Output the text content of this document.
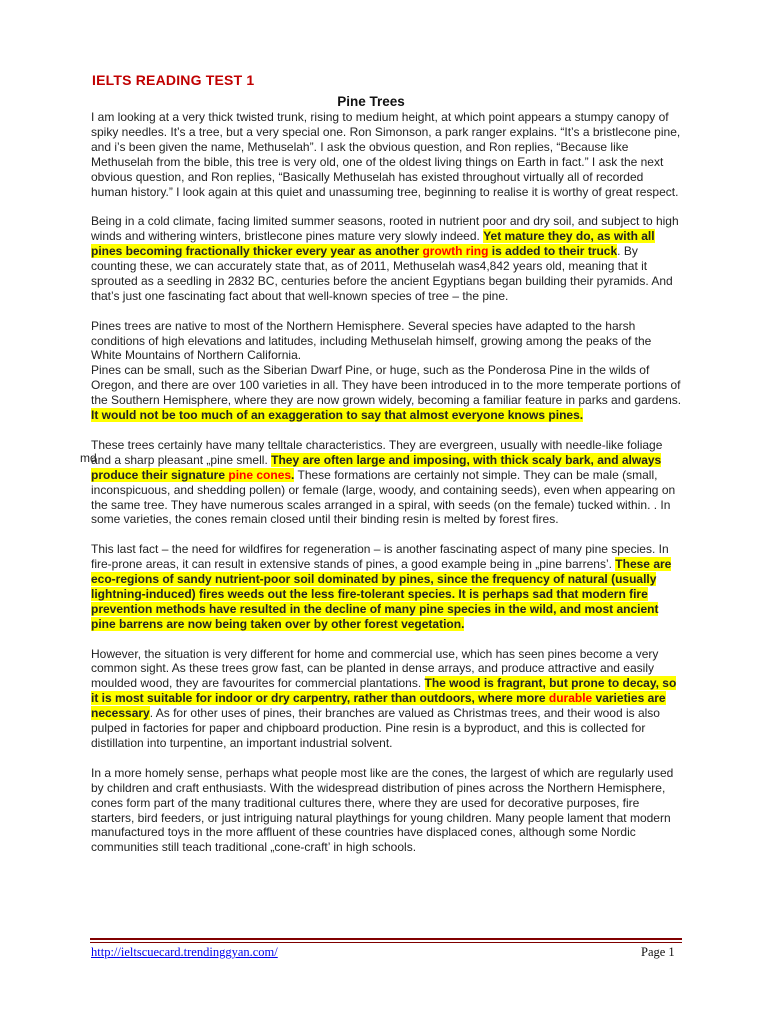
IELTS READING TEST 1
Pine Trees

I am looking at a very thick twisted trunk, rising to medium height, at which point appears a stumpy canopy of spiky needles. It’s a tree, but a very special one. Ron Simonson, a park ranger explains. “It’s a bristlecone pine, and i’s been given the name, Methuselah”. I ask the obvious question, and Ron replies, “Because like Methuselah from the bible, this tree is very old, one of the oldest living things on Earth in fact.” I ask the next obvious question, and Ron replies, “Basically Methuselah has existed throughout virtually all of recorded human history.” I look again at this quiet and unassuming tree, beginning to realise it is worthy of great respect.

Being in a cold climate, facing limited summer seasons, rooted in nutrient poor and dry soil, and subject to high winds and withering winters, bristlecone pines mature very slowly indeed. Yet mature they do, as with all pines becoming fractionally thicker every year as another growth ring is added to their truck. By counting these, we can accurately state that, as of 2011, Methuselah was4,842 years old, meaning that it sprouted as a seedling in 2832 BC, centuries before the ancient Egyptians began building their pyramids. And that’s just one fascinating fact about that well-known species of tree – the pine.

Pines trees are native to most of the Northern Hemisphere. Several species have adapted to the harsh conditions of high elevations and latitudes, including Methuselah himself, growing among the peaks of the White Mountains of Northern California.

Pines can be small, such as the Siberian Dwarf Pine, or huge, such as the Ponderosa Pine in the wilds of Oregon, and there are over 100 varieties in all. They have been introduced in to the more temperate portions of the Southern Hemisphere, where they are now grown widely, becoming a familiar feature in parks and gardens. It would not be too much of an exaggeration to say that almost everyone knows pines.

These trees certainly have many telltale characteristics. They are evergreen, usually with needle-like foliage and a sharp pleasant „pine smell. They are often large and imposing, with thick scaly bark, and always produce their signature pine cones. These formations are certainly not simple. They can be male (small, inconspicuous, and shedding pollen) or female (large, woody, and containing seeds), even when appearing on the same tree. They have numerous scales arranged in a spiral, with seeds (on the female) tucked within. . In some varieties, the cones remain closed until their binding resin is melted by forest fires.

This last fact – the need for wildfires for regeneration – is another fascinating aspect of many pine species. In fire-prone areas, it can result in extensive stands of pines, a good example being in „pine barrens’. These are eco-regions of sandy nutrient-poor soil dominated by pines, since the frequency of natural (usually lightning-induced) fires weeds out the less fire-tolerant species. It is perhaps sad that modern fire prevention methods have resulted in the decline of many pine species in the wild, and most ancient pine barrens are now being taken over by other forest vegetation.

However, the situation is very different for home and commercial use, which has seen pines become a very common sight. As these trees grow fast, can be planted in dense arrays, and produce attractive and easily moulded wood, they are favourites for commercial plantations. The wood is fragrant, but prone to decay, so it is most suitable for indoor or dry carpentry, rather than outdoors, where more durable varieties are necessary. As for other uses of pines, their branches are valued as Christmas trees, and their wood is also pulped in factories for paper and chipboard production. Pine resin is a byproduct, and this is collected for distillation into turpentine, an important industrial solvent.

In a more homely sense, perhaps what people most like are the cones, the largest of which are regularly used by children and craft enthusiasts. With the widespread distribution of pines across the Northern Hemisphere, cones form part of the many traditional cultures there, where they are used for decorative purposes, fire starters, bird feeders, or just intriguing natural playthings for young children. Many people lament that modern manufactured toys in the more affluent of these countries have displaced cones, although some Nordic communities still teach traditional „cone-craft’ in high schools.

md
http://ieltscuecard.trendinggyan.com/	Page 1
